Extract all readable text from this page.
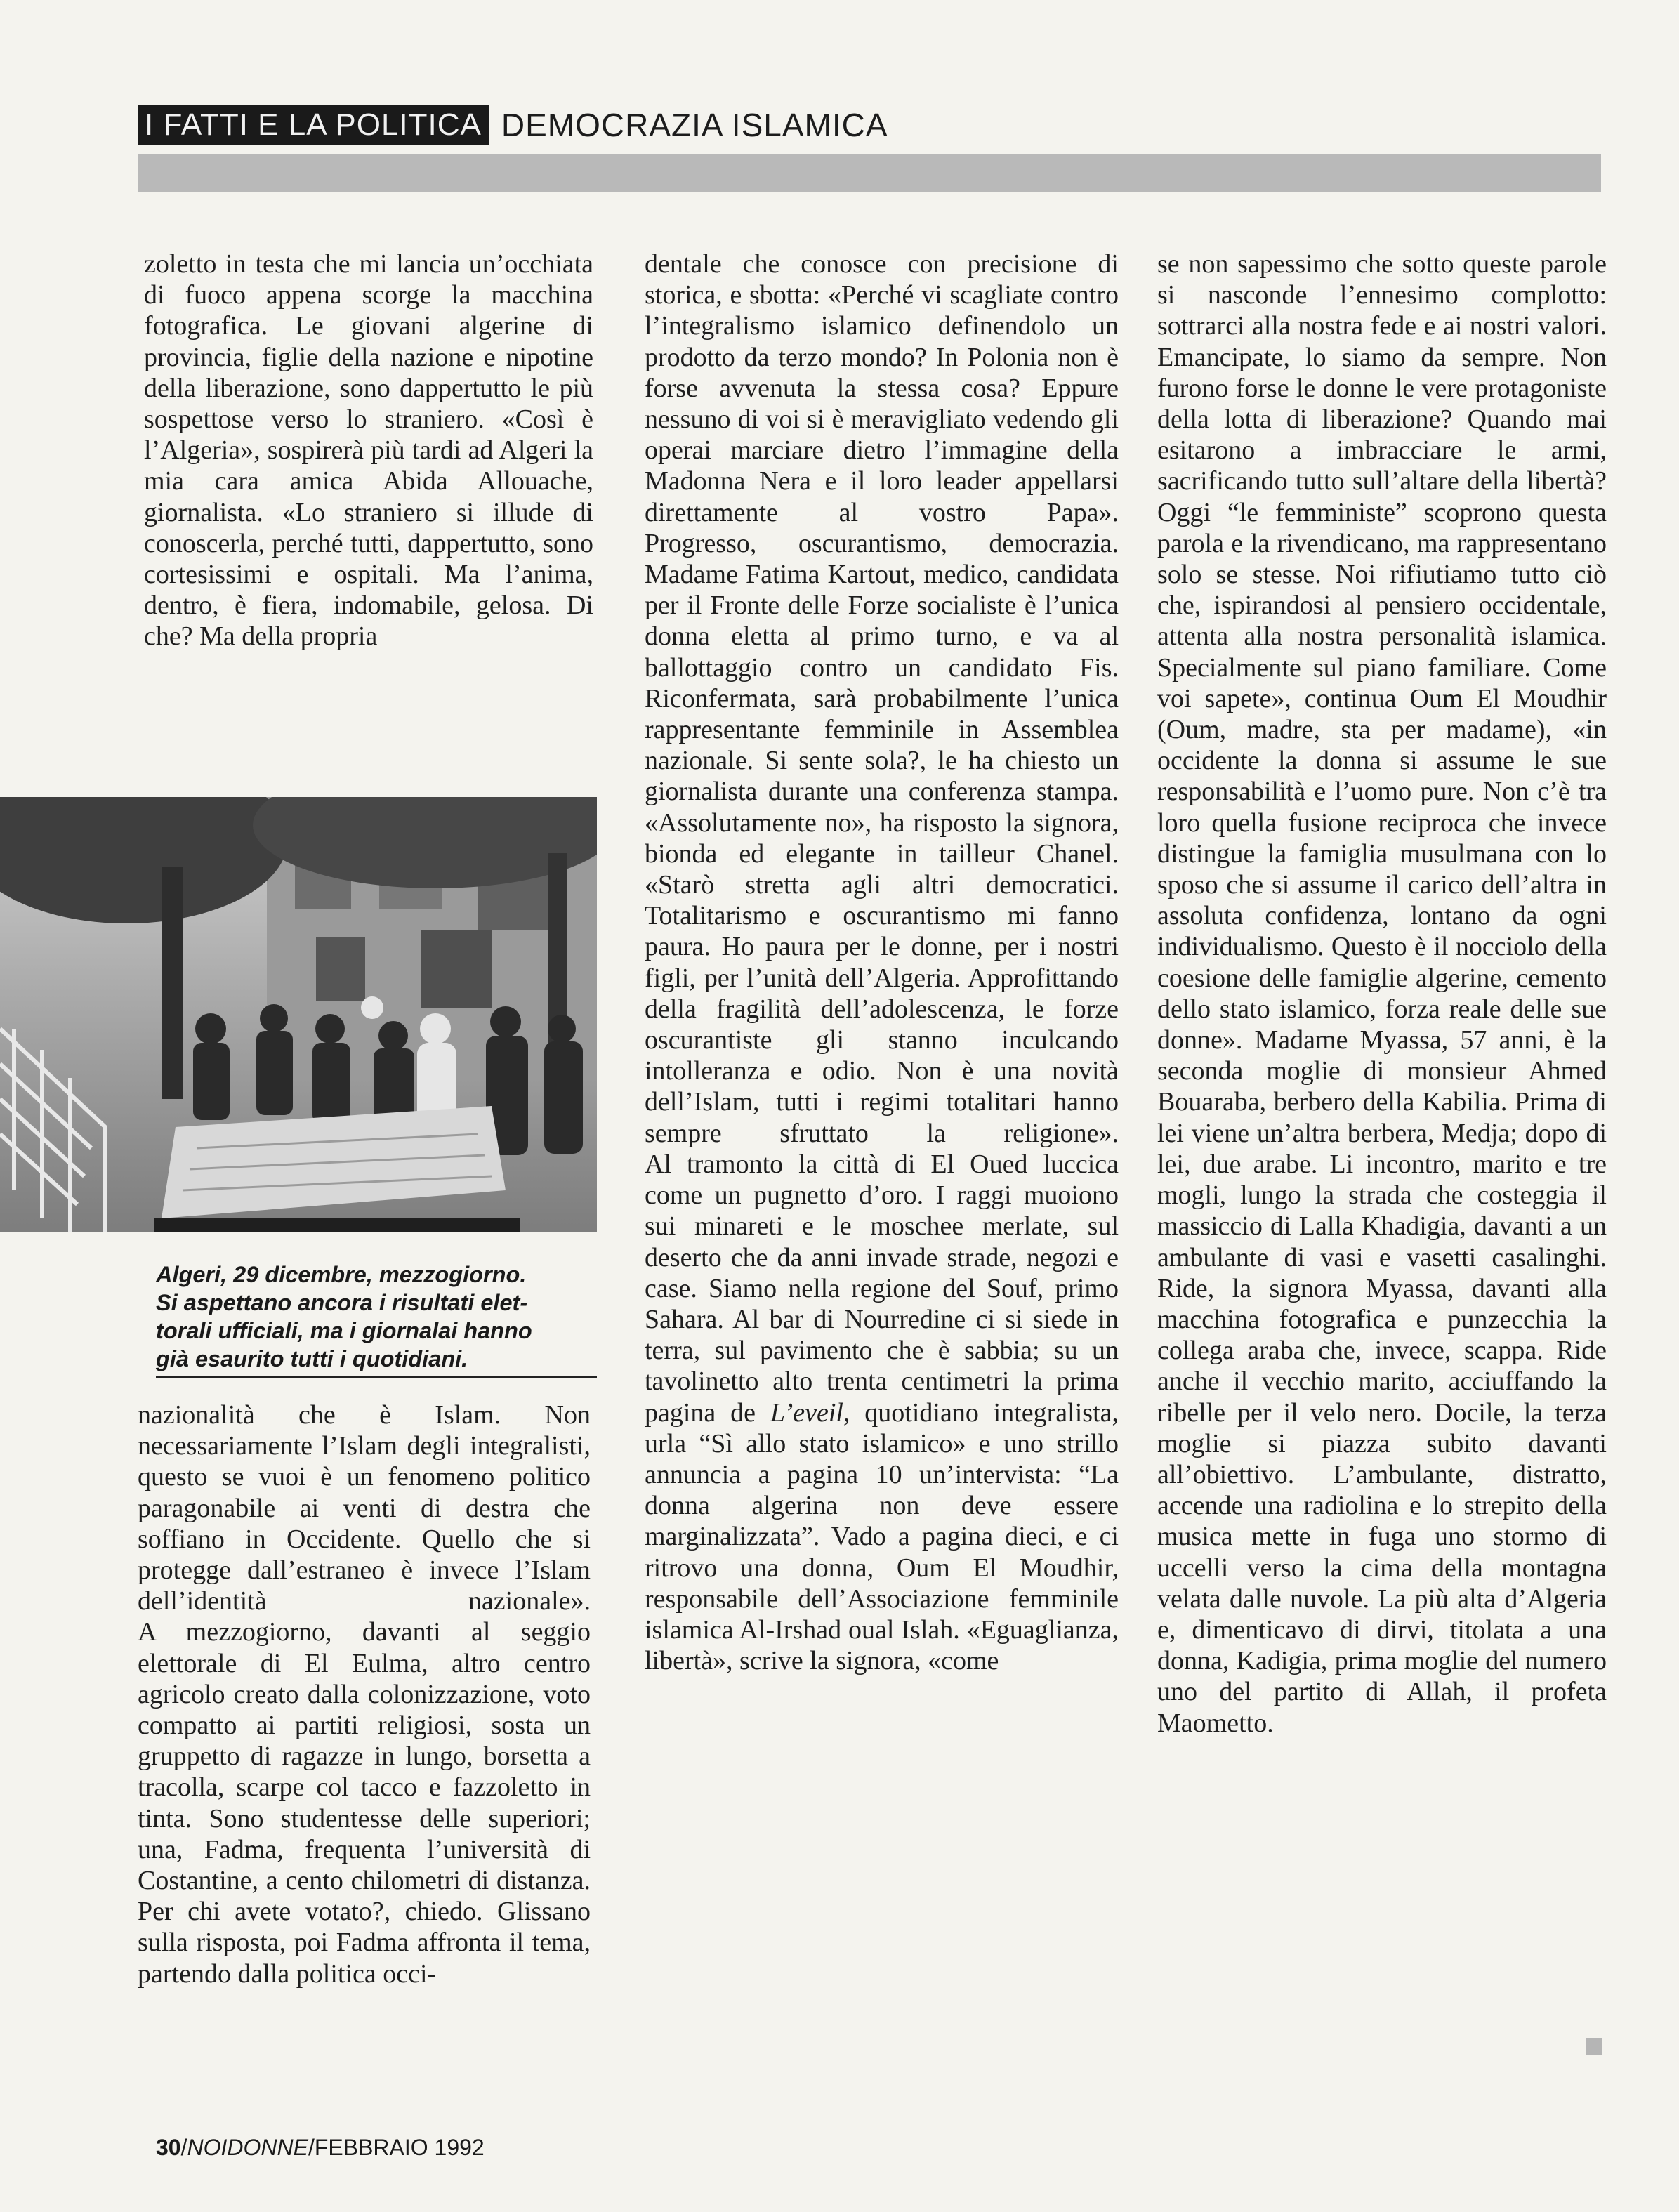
I FATTI E LA POLITICA DEMOCRAZIA ISLAMICA

zoletto in testa che mi lancia un’occhiata di fuoco appena scorge la macchina fotografica. Le giovani algerine di provincia, figlie della nazione e nipotine della liberazione, sono dappertutto le più sospettose verso lo straniero. «Così è l’Algeria», sospirerà più tardi ad Algeri la mia cara amica Abida Allouache, giornalista. «Lo straniero si illude di conoscerla, perché tutti, dappertutto, sono cortesissimi e ospitali. Ma l’anima, dentro, è fiera, indomabile, gelosa. Di che? Ma della propria

Algeri, 29 dicembre, mezzogiorno.
Si aspettano ancora i risultati elet-
torali ufficiali, ma i giornalai hanno
già esaurito tutti i quotidiani.

nazionalità che è Islam. Non necessariamente l’Islam degli integralisti, questo se vuoi è un fenomeno politico paragonabile ai venti di destra che soffiano in Occidente. Quello che si protegge dall’estraneo è invece l’Islam dell’identità nazionale».

A mezzogiorno, davanti al seggio elettorale di El Eulma, altro centro agricolo creato dalla colonizzazione, voto compatto ai partiti religiosi, sosta un gruppetto di ragazze in lungo, borsetta a tracolla, scarpe col tacco e fazzoletto in tinta. Sono studentesse delle superiori; una, Fadma, frequenta l’università di Costantine, a cento chilometri di distanza. Per chi avete votato?, chiedo. Glissano sulla risposta, poi Fadma affronta il tema, partendo dalla politica occi-

dentale che conosce con precisione di storica, e sbotta: «Perché vi scagliate contro l’integralismo islamico definendolo un prodotto da terzo mondo? In Polonia non è forse avvenuta la stessa cosa? Eppure nessuno di voi si è meravigliato vedendo gli operai marciare dietro l’immagine della Madonna Nera e il loro leader appellarsi direttamente al vostro Papa».

Progresso, oscurantismo, democrazia. Madame Fatima Kartout, medico, candidata per il Fronte delle Forze socialiste è l’unica donna eletta al primo turno, e va al ballottaggio contro un candidato Fis. Riconfermata, sarà probabilmente l’unica rappresentante femminile in Assemblea nazionale. Si sente sola?, le ha chiesto un giornalista durante una conferenza stampa. «Assolutamente no», ha risposto la signora, bionda ed elegante in tailleur Chanel. «Starò stretta agli altri democratici. Totalitarismo e oscurantismo mi fanno paura. Ho paura per le donne, per i nostri figli, per l’unità dell’Algeria. Approfittando della fragilità dell’adolescenza, le forze oscurantiste gli stanno inculcando intolleranza e odio. Non è una novità dell’Islam, tutti i regimi totalitari hanno sempre sfruttato la religione».

Al tramonto la città di El Oued luccica come un pugnetto d’oro. I raggi muoiono sui minareti e le moschee merlate, sul deserto che da anni invade strade, negozi e case. Siamo nella regione del Souf, primo Sahara. Al bar di Nourredine ci si siede in terra, sul pavimento che è sabbia; su un tavolinetto alto trenta centimetri la prima pagina de L’eveil, quotidiano integralista, urla “Sì allo stato islamico» e uno strillo annuncia a pagina 10 un’intervista: “La donna algerina non deve essere marginalizzata”. Vado a pagina dieci, e ci ritrovo una donna, Oum El Moudhir, responsabile dell’Associazione femminile islamica Al-Irshad oual Islah. «Eguaglianza, libertà», scrive la signora, «come

se non sapessimo che sotto queste parole si nasconde l’ennesimo complotto: sottrarci alla nostra fede e ai nostri valori. Emancipate, lo siamo da sempre. Non furono forse le donne le vere protagoniste della lotta di liberazione? Quando mai esitarono a imbracciare le armi, sacrificando tutto sull’altare della libertà? Oggi “le femministe” scoprono questa parola e la rivendicano, ma rappresentano solo se stesse. Noi rifiutiamo tutto ciò che, ispirandosi al pensiero occidentale, attenta alla nostra personalità islamica. Specialmente sul piano familiare. Come voi sapete», continua Oum El Moudhir (Oum, madre, sta per madame), «in occidente la donna si assume le sue responsabilità e l’uomo pure. Non c’è tra loro quella fusione reciproca che invece distingue la famiglia musulmana con lo sposo che si assume il carico dell’altra in assoluta confidenza, lontano da ogni individualismo. Questo è il nocciolo della coesione delle famiglie algerine, cemento dello stato islamico, forza reale delle sue donne». Madame Myassa, 57 anni, è la seconda moglie di monsieur Ahmed Bouaraba, berbero della Kabilia. Prima di lei viene un’altra berbera, Medja; dopo di lei, due arabe. Li incontro, marito e tre mogli, lungo la strada che costeggia il massiccio di Lalla Khadigia, davanti a un ambulante di vasi e vasetti casalinghi. Ride, la signora Myassa, davanti alla macchina fotografica e punzecchia la collega araba che, invece, scappa. Ride anche il vecchio marito, acciuffando la ribelle per il velo nero. Docile, la terza moglie si piazza subito davanti all’obiettivo. L’ambulante, distratto, accende una radiolina e lo strepito della musica mette in fuga uno stormo di uccelli verso la cima della montagna velata dalle nuvole. La più alta d’Algeria e, dimenticavo di dirvi, titolata a una donna, Kadigia, prima moglie del numero uno del partito di Allah, il profeta Maometto.

30/NOIDONNE/FEBBRAIO 1992
